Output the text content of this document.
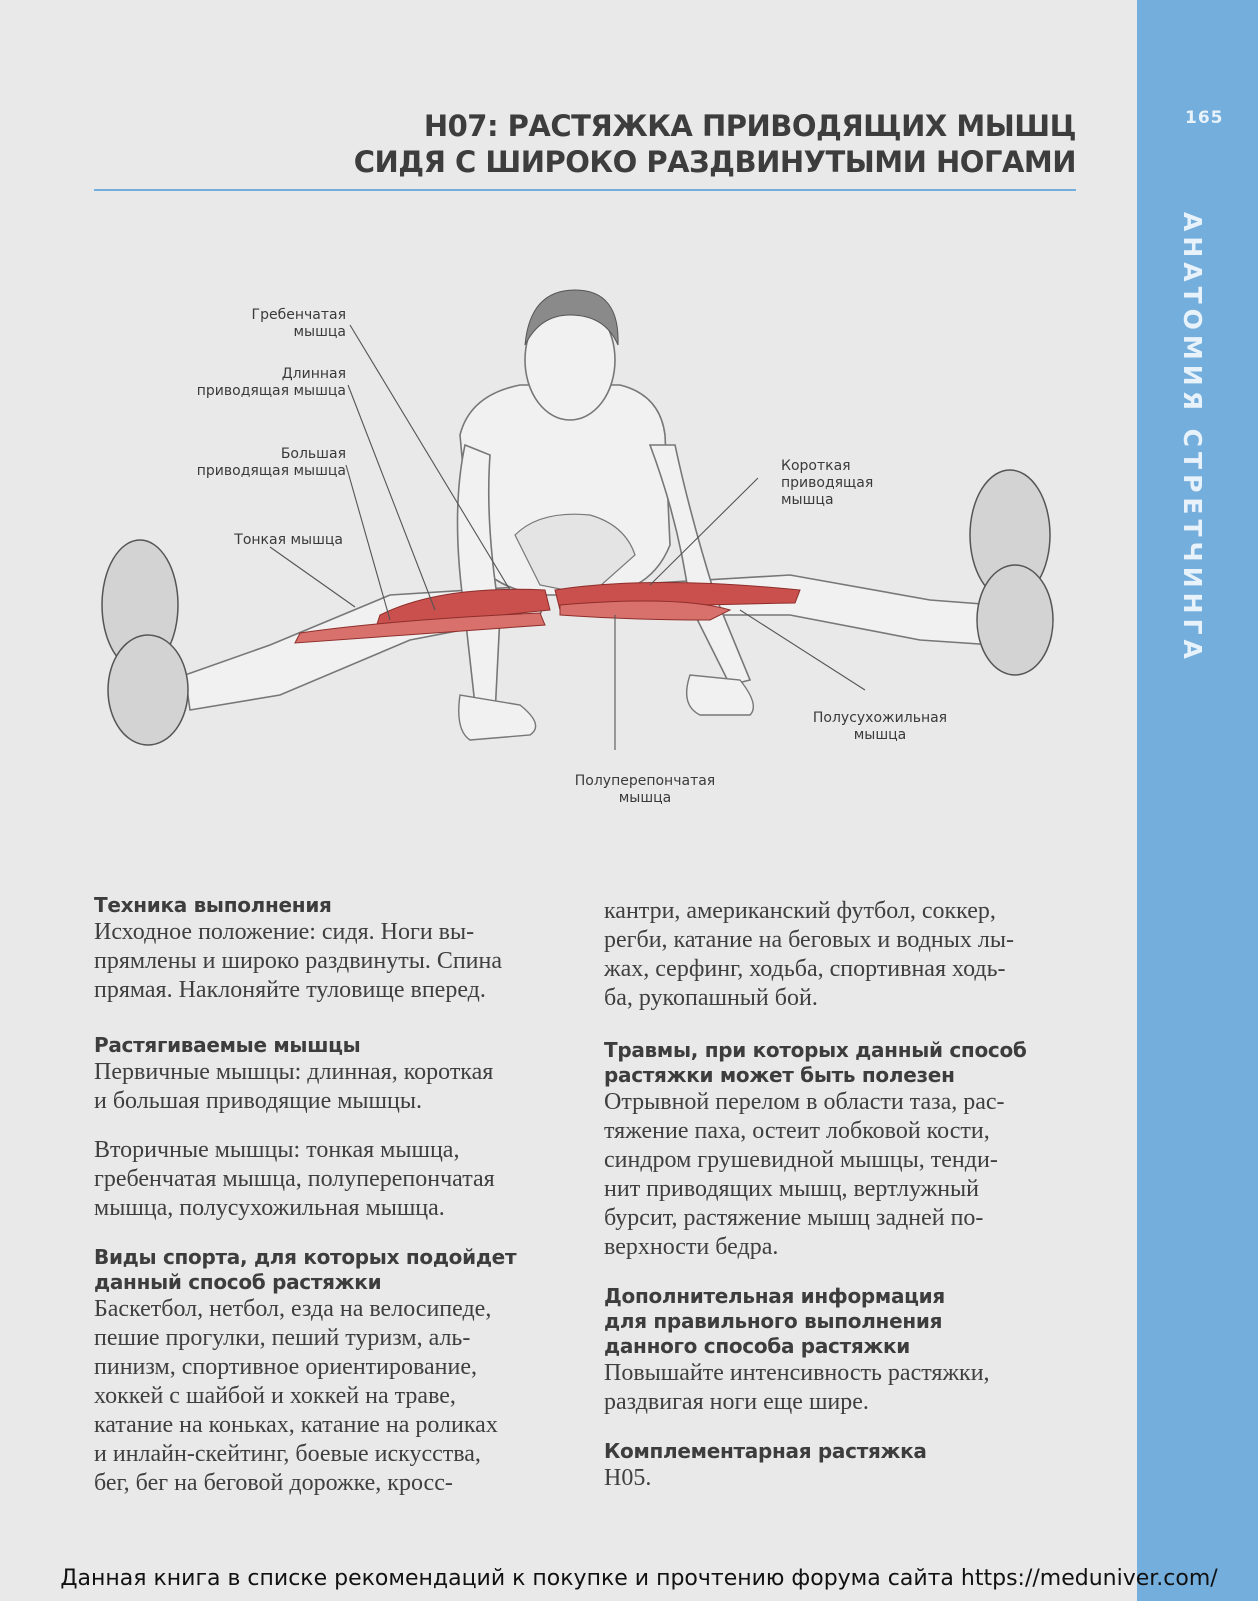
165
АНАТОМИЯ СТРЕТЧИНГА
Н07: РАСТЯЖКА ПРИВОДЯЩИХ МЫШЦ
СИДЯ С ШИРОКО РАЗДВИНУТЫМИ НОГАМИ
Гребенчатая
мышца
Длинная
приводящая мышца
Большая
приводящая мышца
Тонкая мышца
Короткая
приводящая
мышца
Полусухожильная
мышца
Полуперепончатая
мышца
Техника выполнения
Исходное положение: сидя. Ноги вы-
прямлены и широко раздвинуты. Спина
прямая. Наклоняйте туловище вперед.
Растягиваемые мышцы
Первичные мышцы: длинная, короткая
и большая приводящие мышцы.
Вторичные мышцы: тонкая мышца,
гребенчатая мышца, полуперепончатая
мышца, полусухожильная мышца.
Виды спорта, для которых подойдет
данный способ растяжки
Баскетбол, нетбол, езда на велосипеде,
пешие прогулки, пеший туризм, аль-
пинизм, спортивное ориентирование,
хоккей с шайбой и хоккей на траве,
катание на коньках, катание на роликах
и инлайн-скейтинг, боевые искусства,
бег, бег на беговой дорожке, кросс-
кантри, американский футбол, соккер,
регби, катание на беговых и водных лы-
жах, серфинг, ходьба, спортивная ходь-
ба, рукопашный бой.
Травмы, при которых данный способ
растяжки может быть полезен
Отрывной перелом в области таза, рас-
тяжение паха, остеит лобковой кости,
синдром грушевидной мышцы, тенди-
нит приводящих мышц, вертлужный
бурсит, растяжение мышц задней по-
верхности бедра.
Дополнительная информация
для правильного выполнения
данного способа растяжки
Повышайте интенсивность растяжки,
раздвигая ноги еще шире.
Комплементарная растяжка
Н05.
Данная книга в списке рекомендаций к покупке и прочтению форума сайта https://meduniver.com/
